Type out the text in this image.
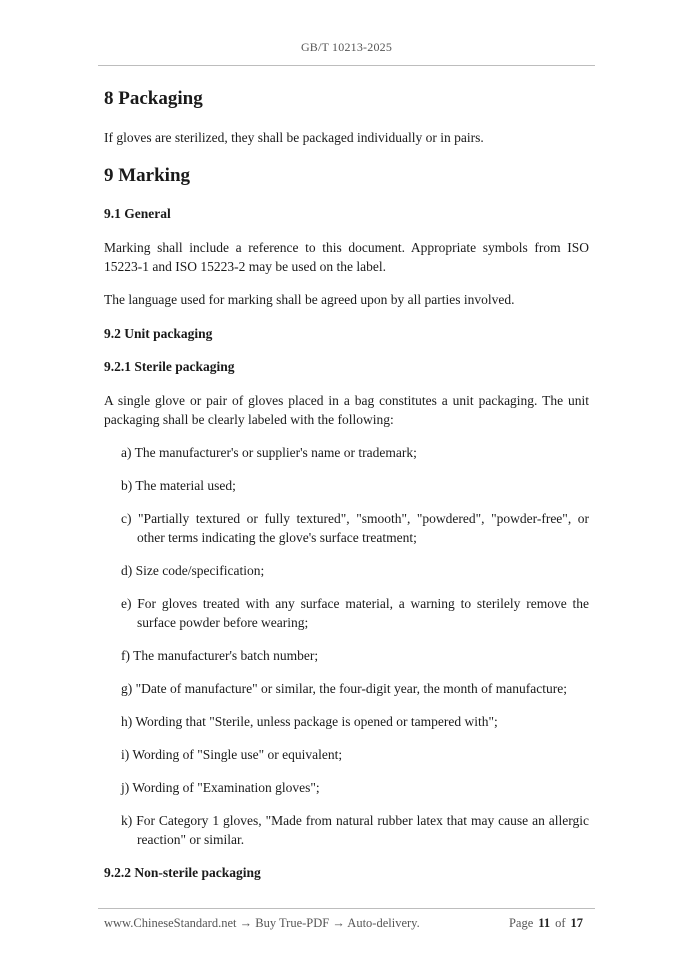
GB/T 10213-2025
8 Packaging

If gloves are sterilized, they shall be packaged individually or in pairs.

9 Marking
9.1 General

Marking shall include a reference to this document. Appropriate symbols from ISO 15223-1 and ISO 15223-2 may be used on the label.

The language used for marking shall be agreed upon by all parties involved.

9.2 Unit packaging
9.2.1 Sterile packaging

A single glove or pair of gloves placed in a bag constitutes a unit packaging. The unit packaging shall be clearly labeled with the following:

a) The manufacturer's or supplier's name or trademark;

b) The material used;

c) "Partially textured or fully textured", "smooth", "powdered", "powder-free", or other terms indicating the glove's surface treatment;

d) Size code/specification;

e) For gloves treated with any surface material, a warning to sterilely remove the surface powder before wearing;

f) The manufacturer's batch number;

g) "Date of manufacture" or similar, the four-digit year, the month of manufacture;

h) Wording that "Sterile, unless package is opened or tampered with";

i) Wording of "Single use" or equivalent;

j) Wording of "Examination gloves";

k) For Category 1 gloves, "Made from natural rubber latex that may cause an allergic reaction" or similar.

9.2.2 Non-sterile packaging
www.ChineseStandard.net → Buy True-PDF → Auto-delivery.	Page 11 of 17
